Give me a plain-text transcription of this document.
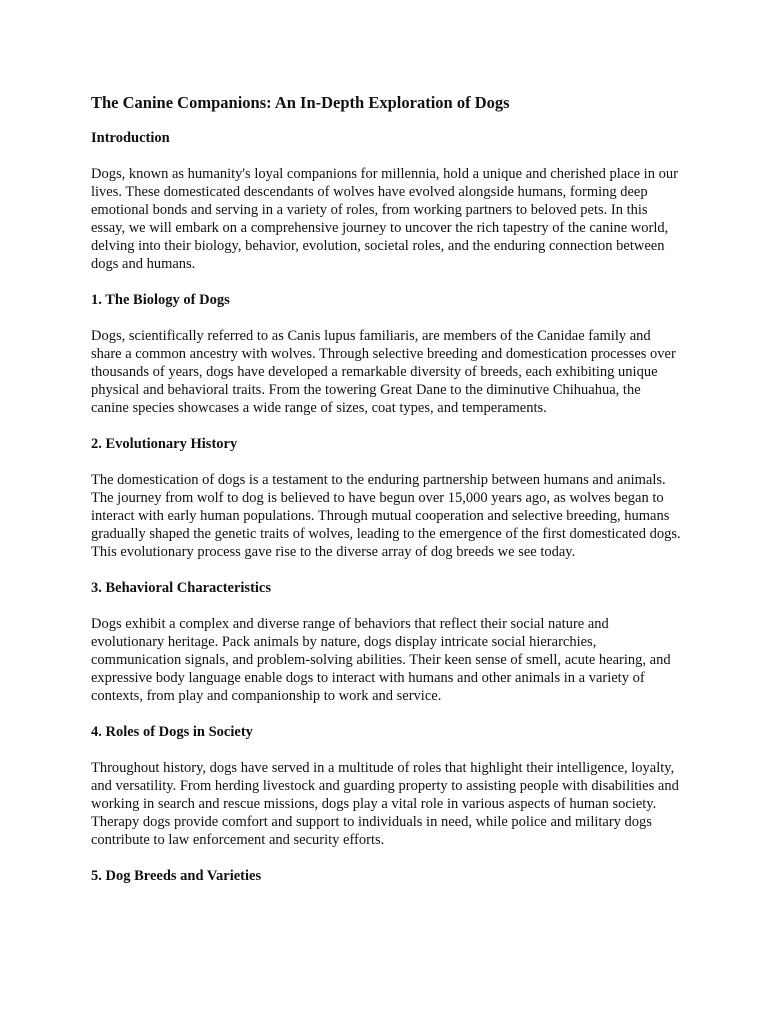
The Canine Companions: An In-Depth Exploration of Dogs
Introduction
Dogs, known as humanity's loyal companions for millennia, hold a unique and cherished place in our lives. These domesticated descendants of wolves have evolved alongside humans, forming deep emotional bonds and serving in a variety of roles, from working partners to beloved pets. In this essay, we will embark on a comprehensive journey to uncover the rich tapestry of the canine world, delving into their biology, behavior, evolution, societal roles, and the enduring connection between dogs and humans.
1. The Biology of Dogs
Dogs, scientifically referred to as Canis lupus familiaris, are members of the Canidae family and share a common ancestry with wolves. Through selective breeding and domestication processes over thousands of years, dogs have developed a remarkable diversity of breeds, each exhibiting unique physical and behavioral traits. From the towering Great Dane to the diminutive Chihuahua, the canine species showcases a wide range of sizes, coat types, and temperaments.
2. Evolutionary History
The domestication of dogs is a testament to the enduring partnership between humans and animals. The journey from wolf to dog is believed to have begun over 15,000 years ago, as wolves began to interact with early human populations. Through mutual cooperation and selective breeding, humans gradually shaped the genetic traits of wolves, leading to the emergence of the first domesticated dogs. This evolutionary process gave rise to the diverse array of dog breeds we see today.
3. Behavioral Characteristics
Dogs exhibit a complex and diverse range of behaviors that reflect their social nature and evolutionary heritage. Pack animals by nature, dogs display intricate social hierarchies, communication signals, and problem-solving abilities. Their keen sense of smell, acute hearing, and expressive body language enable dogs to interact with humans and other animals in a variety of contexts, from play and companionship to work and service.
4. Roles of Dogs in Society
Throughout history, dogs have served in a multitude of roles that highlight their intelligence, loyalty, and versatility. From herding livestock and guarding property to assisting people with disabilities and working in search and rescue missions, dogs play a vital role in various aspects of human society. Therapy dogs provide comfort and support to individuals in need, while police and military dogs contribute to law enforcement and security efforts.
5. Dog Breeds and Varieties
